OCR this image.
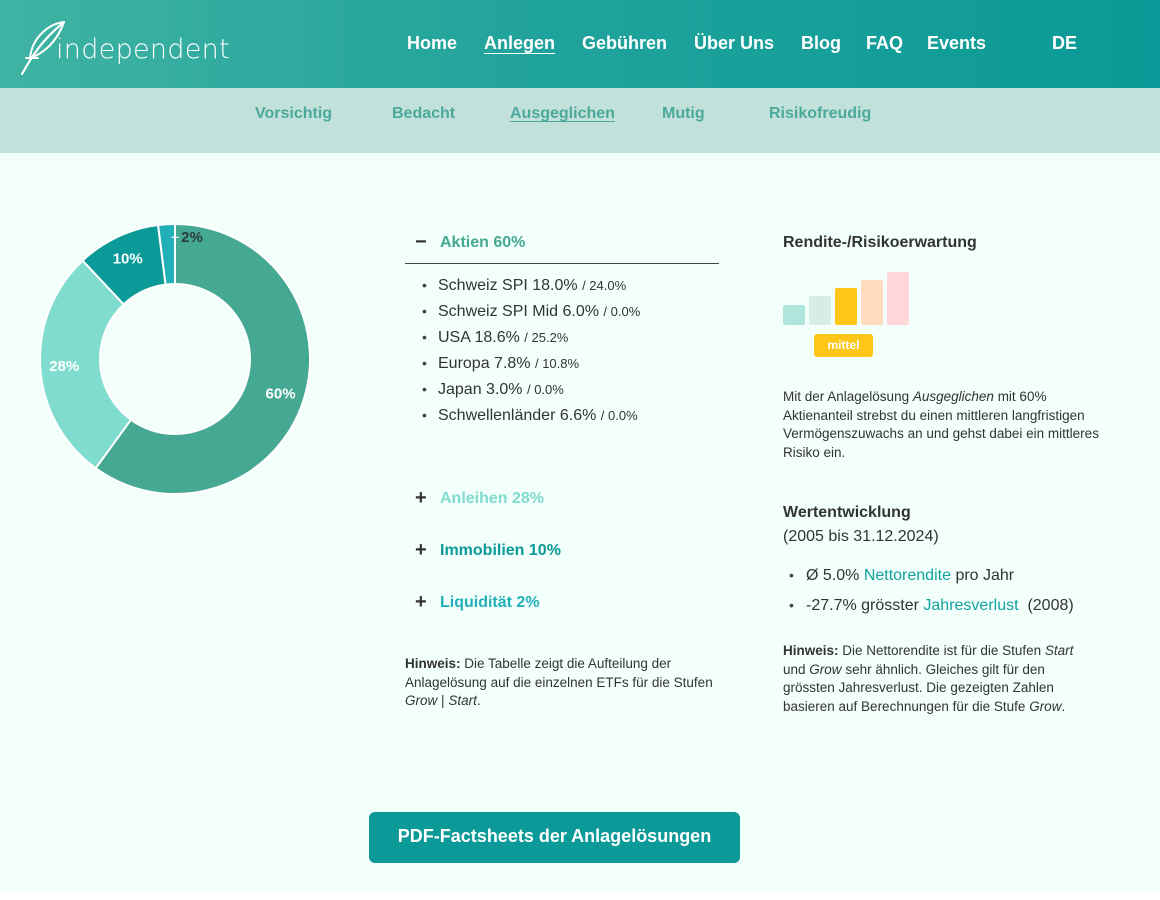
independent	Home Anlegen Gebühren Über Uns Blog FAQ Events	DE
Vorsichtig	Bedacht	Ausgeglichen	Mutig	Risikofreudig
60%
28%
10%
2%	− Aktien 60%
• Schweiz SPI 18.0% / 24.0%
• Schweiz SPI Mid 6.0% / 0.0%
• USA 18.6% / 25.2%
• Europa 7.8% / 10.8%
• Japan 3.0% / 0.0%
• Schwellenländer 6.6% / 0.0%
+ Anleihen 28%
+ Immobilien 10%
+ Liquidität 2%

Hinweis: Die Tabelle zeigt die Aufteilung der Anlagelösung auf die einzelnen ETFs für die Stufen Grow | Start.

Rendite-/Risikoerwartung
mittel

Mit der Anlagelösung Ausgeglichen mit 60% Aktienanteil strebst du einen mittleren langfristigen Vermögenszuwachs an und gehst dabei ein mittleres Risiko ein.

Wertentwicklung
(2005 bis 31.12.2024)
• Ø 5.0% Nettorendite pro Jahr
• -27.7% grösster Jahresverlust (2008)

Hinweis: Die Nettorendite ist für die Stufen Start und Grow sehr ähnlich. Gleiches gilt für den grössten Jahresverlust. Die gezeigten Zahlen basieren auf Berechnungen für die Stufe Grow.

PDF-Factsheets der Anlagelösungen
